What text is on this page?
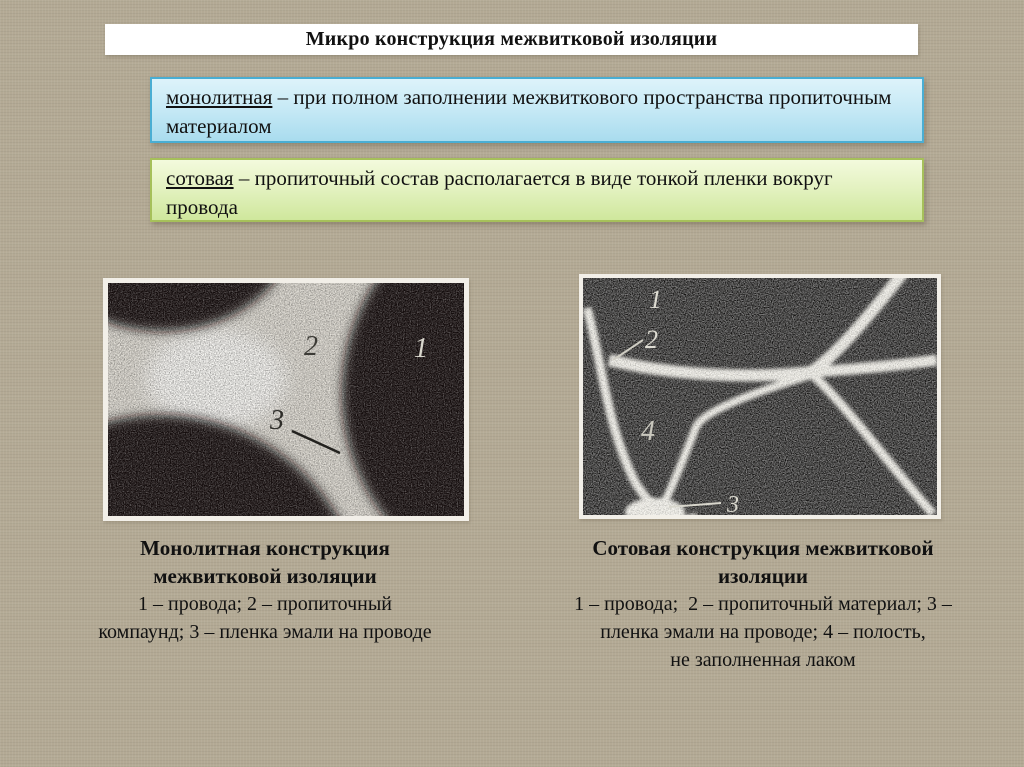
Микро конструкция межвитковой изоляции
монолитная – при полном заполнении межвиткового пространства пропиточным материалом
сотовая – пропиточный состав располагается в виде тонкой пленки вокруг провода
2	1
3
1
2
4
3
Монолитная конструкция
межвитковой изоляции
1 – провода; 2 – пропиточный
компаунд; 3 – пленка эмали на проводе
Сотовая конструкция межвитковой
изоляции
1 – провода;  2 – пропиточный материал; 3 –
пленка эмали на проводе; 4 – полость,
не заполненная лаком
